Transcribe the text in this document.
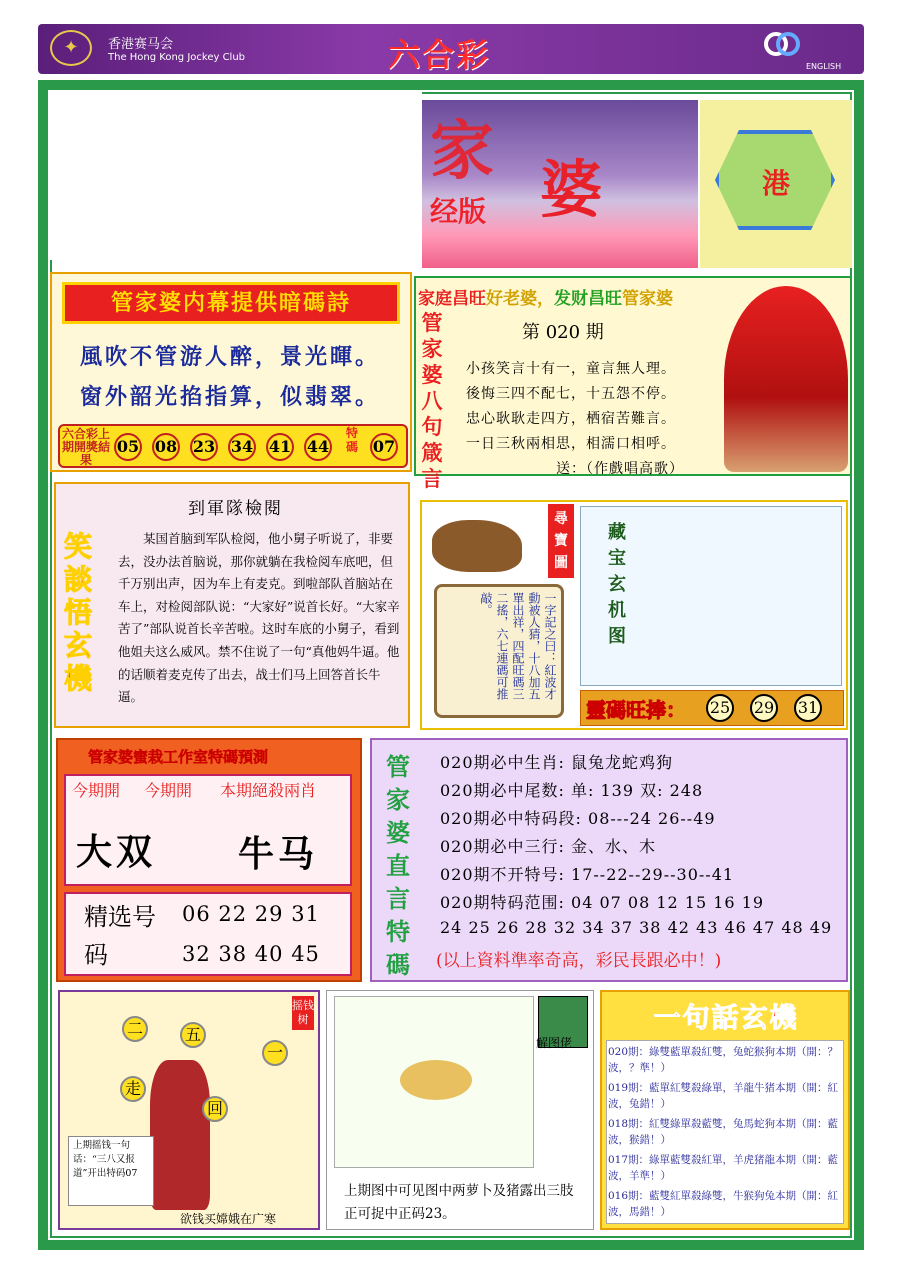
✦	香港赛马会
The Hong Kong Jockey Club	六合彩	ENGLISH
家
婆
经版
港
管家婆内幕提供暗碼詩
風吹不管游人醉，景光暉。
窗外韶光掐指算，似翡翠。
六合彩上期開獎結果
05 08 23 34 41 44
特碼 07
家庭昌旺好老婆，发财昌旺管家婆
管家婆八句箴言
第 020 期
小孩笑言十有一，童言無人理。
後悔三四不配七，十五怨不停。
忠心耿耿走四方，栖宿苦難言。
一日三秋兩相思，相濡口相呼。
送：（作戲唱高歌）
笑談悟玄機
到軍隊檢閱
某国首脑到军队检阅，他小舅子听说了，非要去，没办法首脑说，那你就躺在我检阅车底吧，但千万别出声，因为车上有麦克。到啦部队首脑站在车上，对检阅部队说：“大家好”说首长好。“大家辛苦了”部队说首长辛苦啦。这时车底的小舅子，看到他姐夫这么威风。禁不住说了一句“真他妈牛逼。他的话顺着麦克传了出去，战士们马上回答首长牛逼。	一字記之曰：紅波才動被人猜，十八加五單出祥，四配旺碼三二搖，六七連碼可推敲。
尋寶圖
藏宝玄机图
靈碼旺捧： 25 29 31
管家婆蜜栽工作室特碼預測
今期開 今期開 本期絕殺兩肖
大双 牛马
精选号码
06 22 29 31
32 38 40 45
管家婆直言特碼
020期必中生肖: 鼠兔龙蛇鸡狗
020期必中尾数: 单: 139 双: 248
020期必中特码段: 08---24 26--49
020期必中三行: 金、水、木
020期不开特号: 17--22--29--30--41
020期特码范围: 04 07 08 12 15 16 19
24 25 26 28 32 34 37 38 42 43 46 47 48 49
(以上資料準率奇高，彩民長跟必中！)
二	五
一
走
回
摇钱树
上期摇钱一句话：“三八又报道”开出特码07
欲钱买嫦娥在广寒
解图佬
上期图中可见图中两萝卜及猪露出三肢正可捉中正码23。
一句話玄機
020期：綠雙藍單殺紅雙，兔蛇猴狗本期（開：？波，？準！）
019期：藍單紅雙殺綠單，羊龍牛猪本期（開：紅波，兔錯！）
018期：紅雙綠單殺藍雙，兔馬蛇狗本期（開：藍波，猴錯！）
017期：綠單藍雙殺紅單，羊虎猪龍本期（開：藍波，羊準！）
016期：藍雙紅單殺綠雙，牛猴狗兔本期（開：紅波，馬錯！）
